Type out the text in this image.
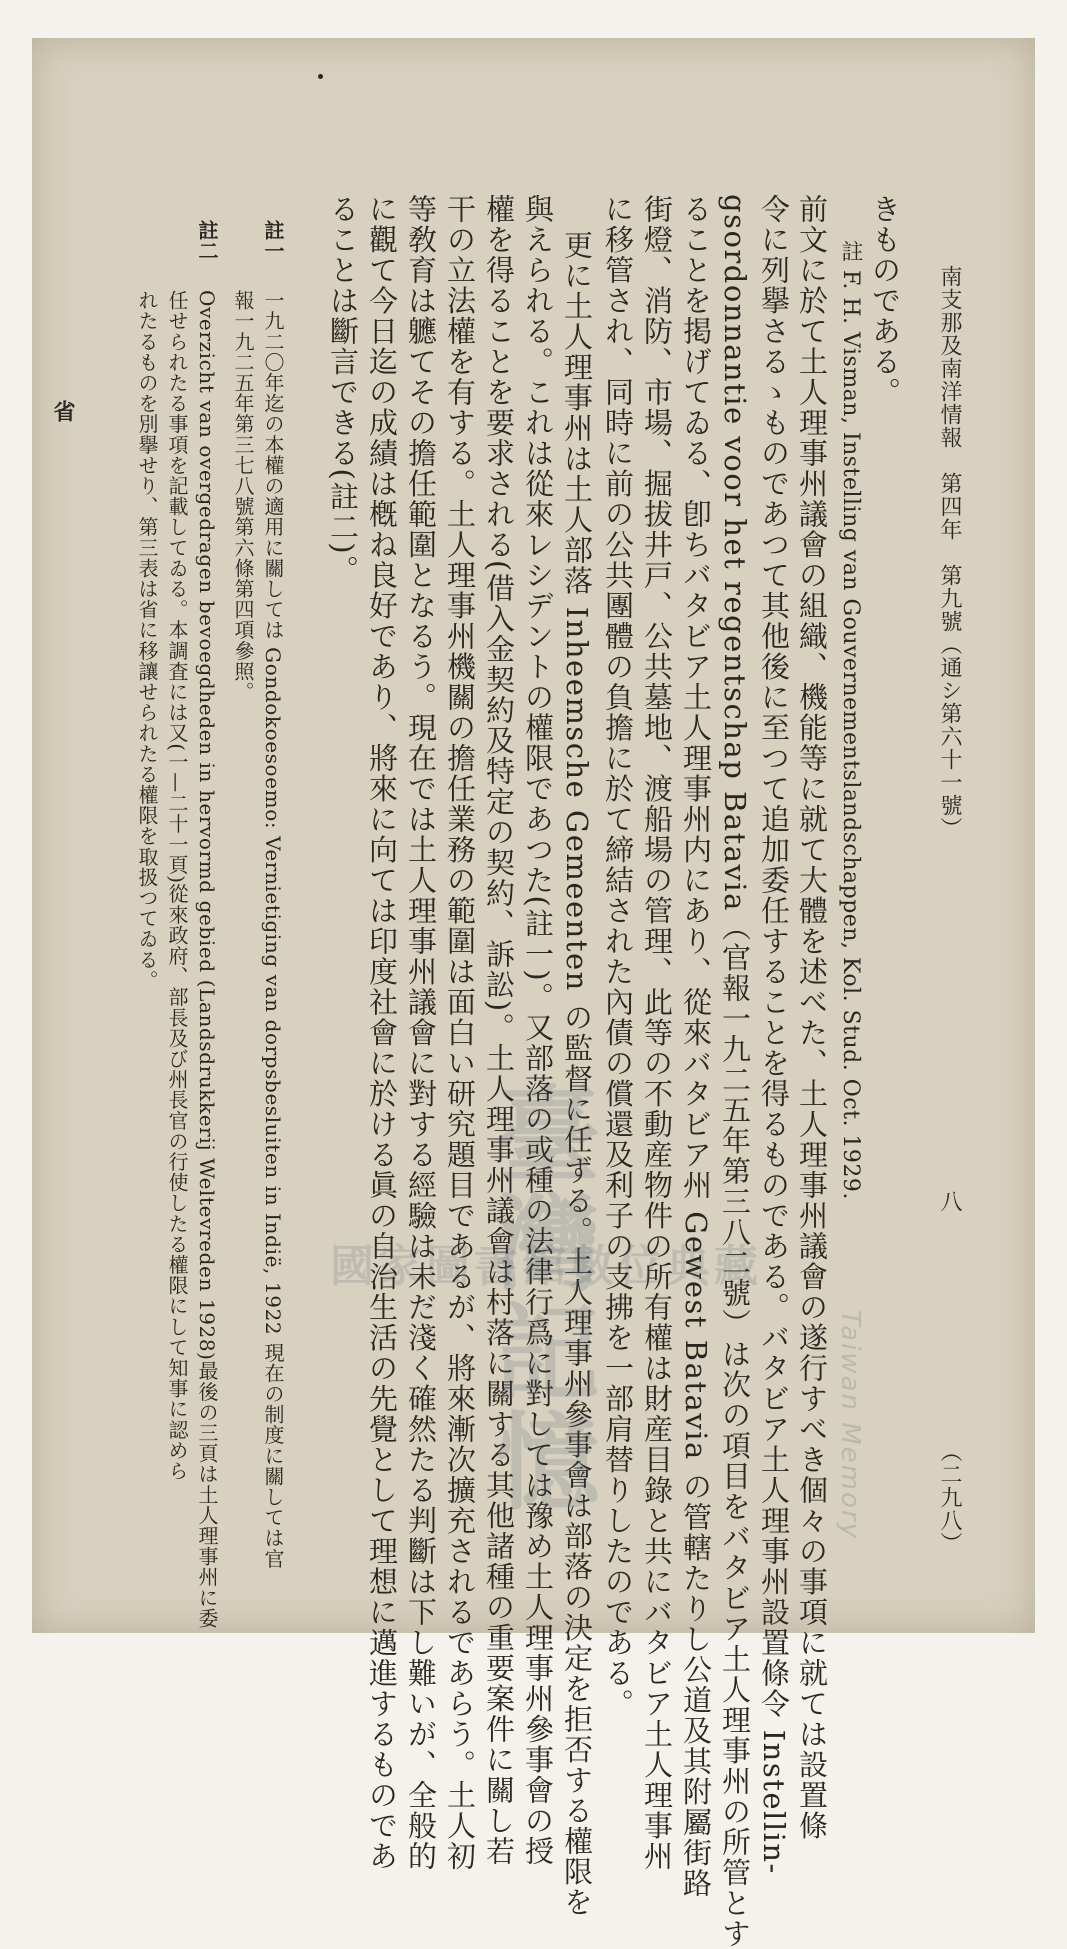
南支那及南洋情報　第四年　第九號（通シ第六十一號）
八
（二九八）
きものである。
註 F. H. Visman, Instelling van Gouvernementslandschappen, Kol. Stud. Oct. 1929.
前文に於て土人理事州議會の組織、機能等に就て大體を述べた、土人理事州議會の遂行すべき個々の事項に就ては設置條
令に列擧さるゝものであつて其他後に至つて追加委任することを得るものである。バタビア土人理事州設置條令 Instellin-
gsordonnantie voor het regentschap Batavia（官報一九二五年第三八二號）は次の項目をバタビア土人理事州の所管とす
ることを掲げてゐる、卽ちバタビア土人理事州内にあり、從來バタビア州 Gewest Batavia の管轄たりし公道及其附屬街路
街燈、消防、市場、掘拔井戸、公共墓地、渡船場の管理、此等の不動産物件の所有權は財産目錄と共にバタビア土人理事州
に移管され、同時に前の公共團體の負擔に於て締結された內債の償還及利子の支拂を一部肩替りしたのである。
更に土人理事州は土人部落 Inheemsche Gemeenten の監督に任ずる。土人理事州參事會は部落の決定を拒否する權限を
與えられる。これは從來レシデントの權限であつた(註一)。又部落の或種の法律行爲に對しては豫め土人理事州參事會の授
權を得ることを要求される(借入金契約及特定の契約、訴訟)。土人理事州議會は村落に關する其他諸種の重要案件に關し若
干の立法權を有する。土人理事州機關の擔任業務の範圍は面白い研究題目であるが、將來漸次擴充されるであらう。土人初
等敎育は軈てその擔任範圍となるう。現在では土人理事州議會に對する經驗は未だ淺く確然たる判斷は下し難いが、全般的
に觀て今日迄の成績は槪ね良好であり、將來に向ては印度社會に於ける眞の自治生活の先覺として理想に邁進するものであ
ることは斷言できる(註二)。
註一
一九二〇年迄の本權の適用に關しては Gondokoesoemo: Vernietiging van dorpsbesluiten in Indië, 1922 現在の制度に關しては官
報一九二五年第三七八號第六條第四項參照。
註二
Overzicht van overgedragen bevoegdheden in hervormd gebied (Landsdrukkerij Weltevreden 1928)最後の三頁は土人理事州に委
任せられたる事項を記載してゐる。本調査には又(一—二十一頁)從來政府、部長及び州長官の行使したる權限にして知事に認めら
れたるものを別擧せり、第三表は省に移讓せられたる權限を取扱つてゐる。
省
臺灣記憶	Taiwan Memory
國家圖書館數位典藏
